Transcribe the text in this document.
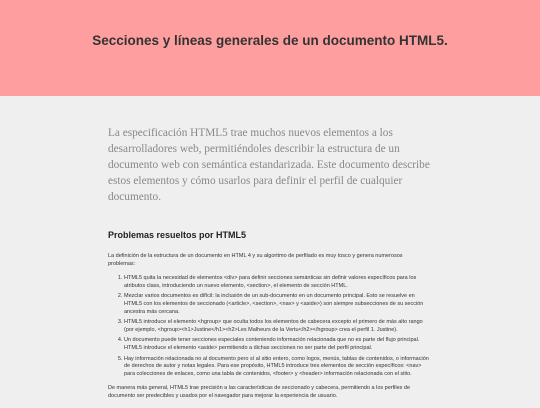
Secciones y líneas generales de un documento HTML5.

La especificación HTML5 trae muchos nuevos elementos a los desarrolladores web, permitiéndoles describir la estructura de un documento web con semántica estandarizada. Este documento describe estos elementos y cómo usarlos para definir el perfil de cualquier documento.

Problemas resueltos por HTML5

La definición de la estructura de un documento en HTML 4 y su algoritmo de perfilado es muy tosco y genera numerosos problemas:

1. HTML5 quita la necesidad de elementos <div> para definir secciones semánticas sin definir valores específicos para los atributos class, introduciendo un nuevo elemento, <section>, el elemento de sección HTML.
2. Mezclar varios documentos es difícil: la inclusión de un sub-documento en un documento principal. Esto se resuelve en HTML5 con los elementos de seccionado (<article>, <section>, <nav> y <aside>) son siempre subsecciones de su sección ancestra más cercana.
3. HTML5 introduce el elemento <hgroup> que oculta todos los elementos de cabecera excepto el primero de más alto rango (por ejemplo, <hgroup><h1>Justine</h1><h2>Les Malheurs de la Vertu</h2></hgroup> crea el perfil 1. Justine).
4. Un documento puede tener secciones especiales conteniendo información relacionada que no es parte del flujo principal. HTML5 introduce el elemento <aside> permitiendo a dichas secciones no ser parte del perfil principal.
5. Hay información relacionada no al documento pero sí al sitio entero, como logos, menús, tablas de contenidos, o información de derechos de autor y notas legales. Para ese propósito, HTML5 introduce tres elementos de sección específicos: <nav> para colecciones de enlaces, como una tabla de contenidos, <footer> y <header> información relacionada con el sitio.

De manera más general, HTML5 trae precisión a las características de seccionado y cabecera, permitiendo a los perfiles de documento ser predecibles y usados por el navegador para mejorar la experiencia de usuario.
